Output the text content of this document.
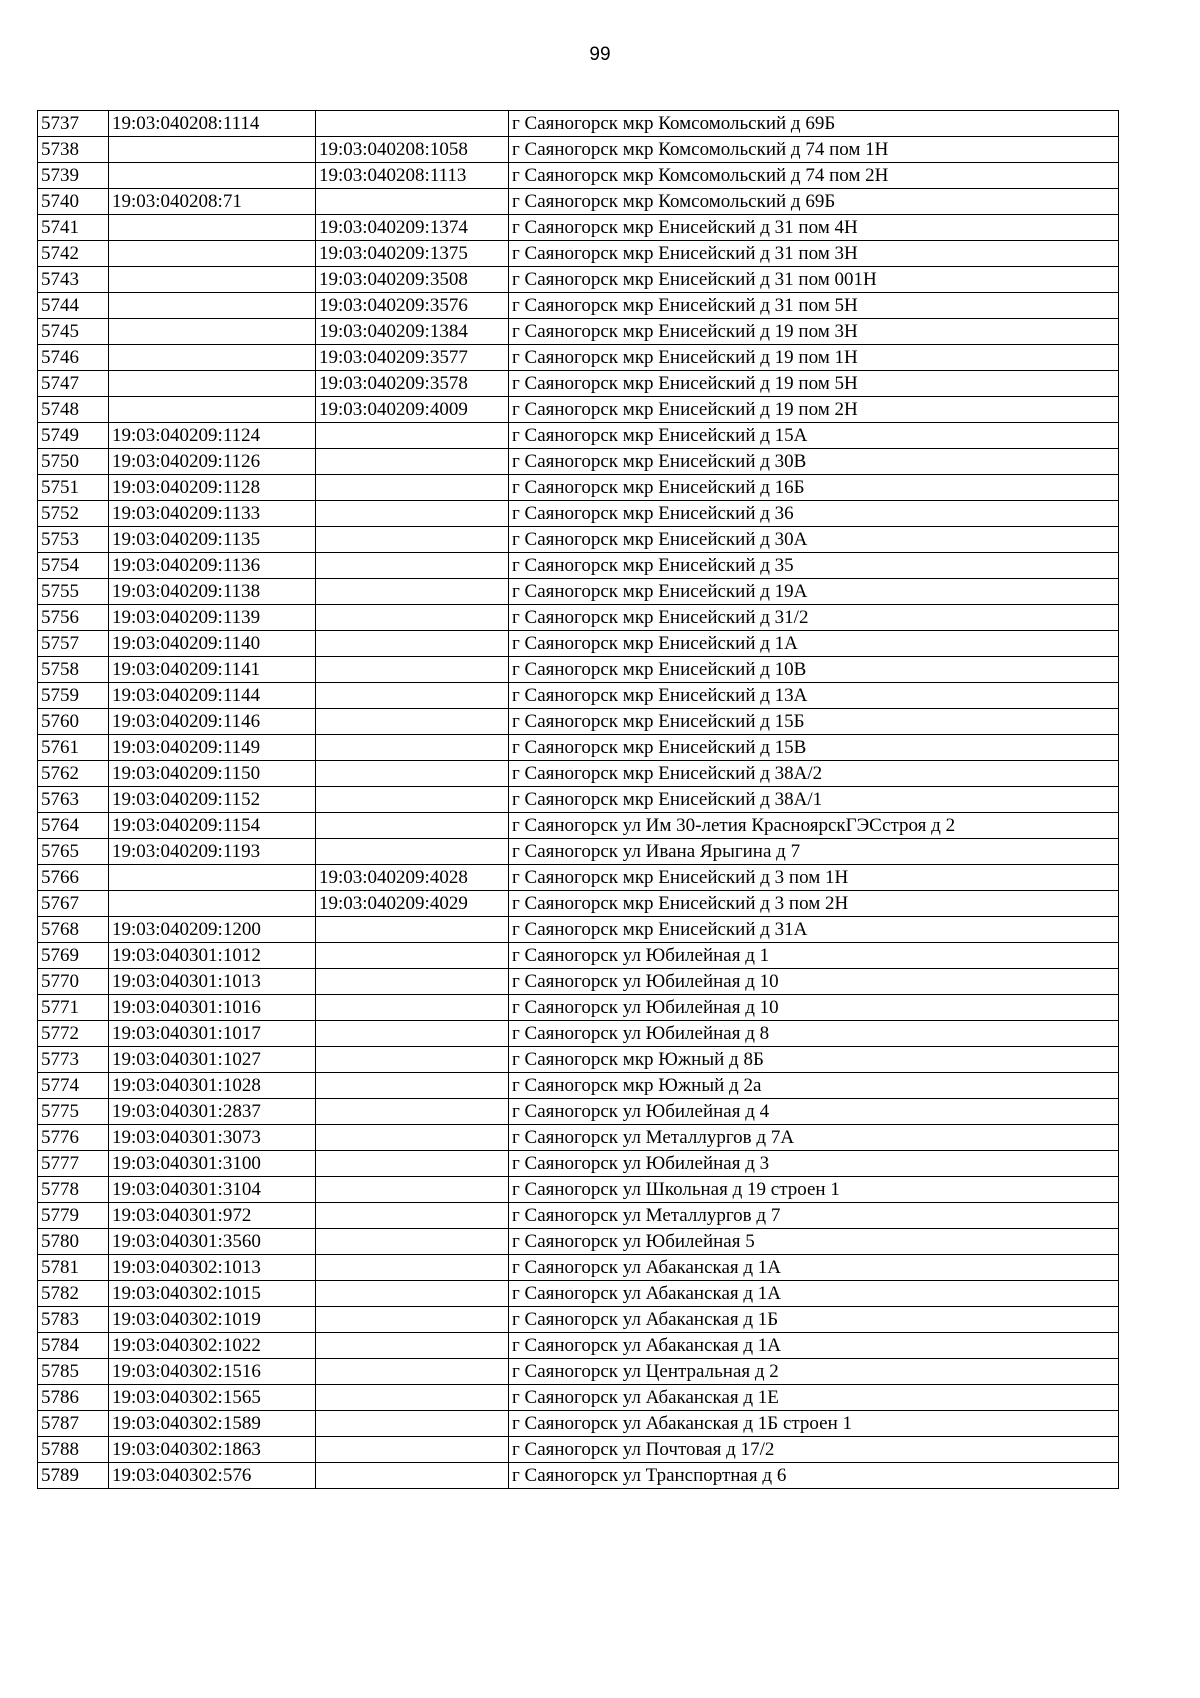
99
5737	19:03:040208:1114		г Саяногорск мкр Комсомольский д 69Б
5738		19:03:040208:1058	г Саяногорск мкр Комсомольский д 74 пом 1Н
5739		19:03:040208:1113	г Саяногорск мкр Комсомольский д 74 пом 2Н
5740	19:03:040208:71		г Саяногорск мкр Комсомольский д 69Б
5741		19:03:040209:1374	г Саяногорск мкр Енисейский д 31 пом 4Н
5742		19:03:040209:1375	г Саяногорск мкр Енисейский д 31 пом 3Н
5743		19:03:040209:3508	г Саяногорск мкр Енисейский д 31 пом 001Н
5744		19:03:040209:3576	г Саяногорск мкр Енисейский д 31 пом 5Н
5745		19:03:040209:1384	г Саяногорск мкр Енисейский д 19 пом 3Н
5746		19:03:040209:3577	г Саяногорск мкр Енисейский д 19 пом 1Н
5747		19:03:040209:3578	г Саяногорск мкр Енисейский д 19 пом 5Н
5748		19:03:040209:4009	г Саяногорск мкр Енисейский д 19 пом 2Н
5749	19:03:040209:1124		г Саяногорск мкр Енисейский д 15А
5750	19:03:040209:1126		г Саяногорск мкр Енисейский д 30В
5751	19:03:040209:1128		г Саяногорск мкр Енисейский д 16Б
5752	19:03:040209:1133		г Саяногорск мкр Енисейский д 36
5753	19:03:040209:1135		г Саяногорск мкр Енисейский д 30А
5754	19:03:040209:1136		г Саяногорск мкр Енисейский д 35
5755	19:03:040209:1138		г Саяногорск мкр Енисейский д 19А
5756	19:03:040209:1139		г Саяногорск мкр Енисейский д 31/2
5757	19:03:040209:1140		г Саяногорск мкр Енисейский д 1А
5758	19:03:040209:1141		г Саяногорск мкр Енисейский д 10В
5759	19:03:040209:1144		г Саяногорск мкр Енисейский д 13А
5760	19:03:040209:1146		г Саяногорск мкр Енисейский д 15Б
5761	19:03:040209:1149		г Саяногорск мкр Енисейский д 15В
5762	19:03:040209:1150		г Саяногорск мкр Енисейский д 38А/2
5763	19:03:040209:1152		г Саяногорск мкр Енисейский д 38А/1
5764	19:03:040209:1154		г Саяногорск ул Им 30-летия КрасноярскГЭСстроя д 2
5765	19:03:040209:1193		г Саяногорск ул Ивана Ярыгина д 7
5766		19:03:040209:4028	г Саяногорск мкр Енисейский д 3 пом 1Н
5767		19:03:040209:4029	г Саяногорск мкр Енисейский д 3 пом 2Н
5768	19:03:040209:1200		г Саяногорск мкр Енисейский д 31А
5769	19:03:040301:1012		г Саяногорск ул Юбилейная д 1
5770	19:03:040301:1013		г Саяногорск ул Юбилейная д 10
5771	19:03:040301:1016		г Саяногорск ул Юбилейная д 10
5772	19:03:040301:1017		г Саяногорск ул Юбилейная д 8
5773	19:03:040301:1027		г Саяногорск мкр Южный д 8Б
5774	19:03:040301:1028		г Саяногорск мкр Южный д 2а
5775	19:03:040301:2837		г Саяногорск ул Юбилейная д 4
5776	19:03:040301:3073		г Саяногорск ул Металлургов д 7А
5777	19:03:040301:3100		г Саяногорск ул Юбилейная д 3
5778	19:03:040301:3104		г Саяногорск ул Школьная д 19 строен 1
5779	19:03:040301:972		г Саяногорск ул Металлургов д 7
5780	19:03:040301:3560		г Саяногорск ул Юбилейная 5
5781	19:03:040302:1013		г Саяногорск ул Абаканская д 1А
5782	19:03:040302:1015		г Саяногорск ул Абаканская д 1А
5783	19:03:040302:1019		г Саяногорск ул Абаканская д 1Б
5784	19:03:040302:1022		г Саяногорск ул Абаканская д 1А
5785	19:03:040302:1516		г Саяногорск ул Центральная д 2
5786	19:03:040302:1565		г Саяногорск ул Абаканская д 1Е
5787	19:03:040302:1589		г Саяногорск ул Абаканская д 1Б строен 1
5788	19:03:040302:1863		г Саяногорск ул Почтовая д 17/2
5789	19:03:040302:576		г Саяногорск ул Транспортная д 6
